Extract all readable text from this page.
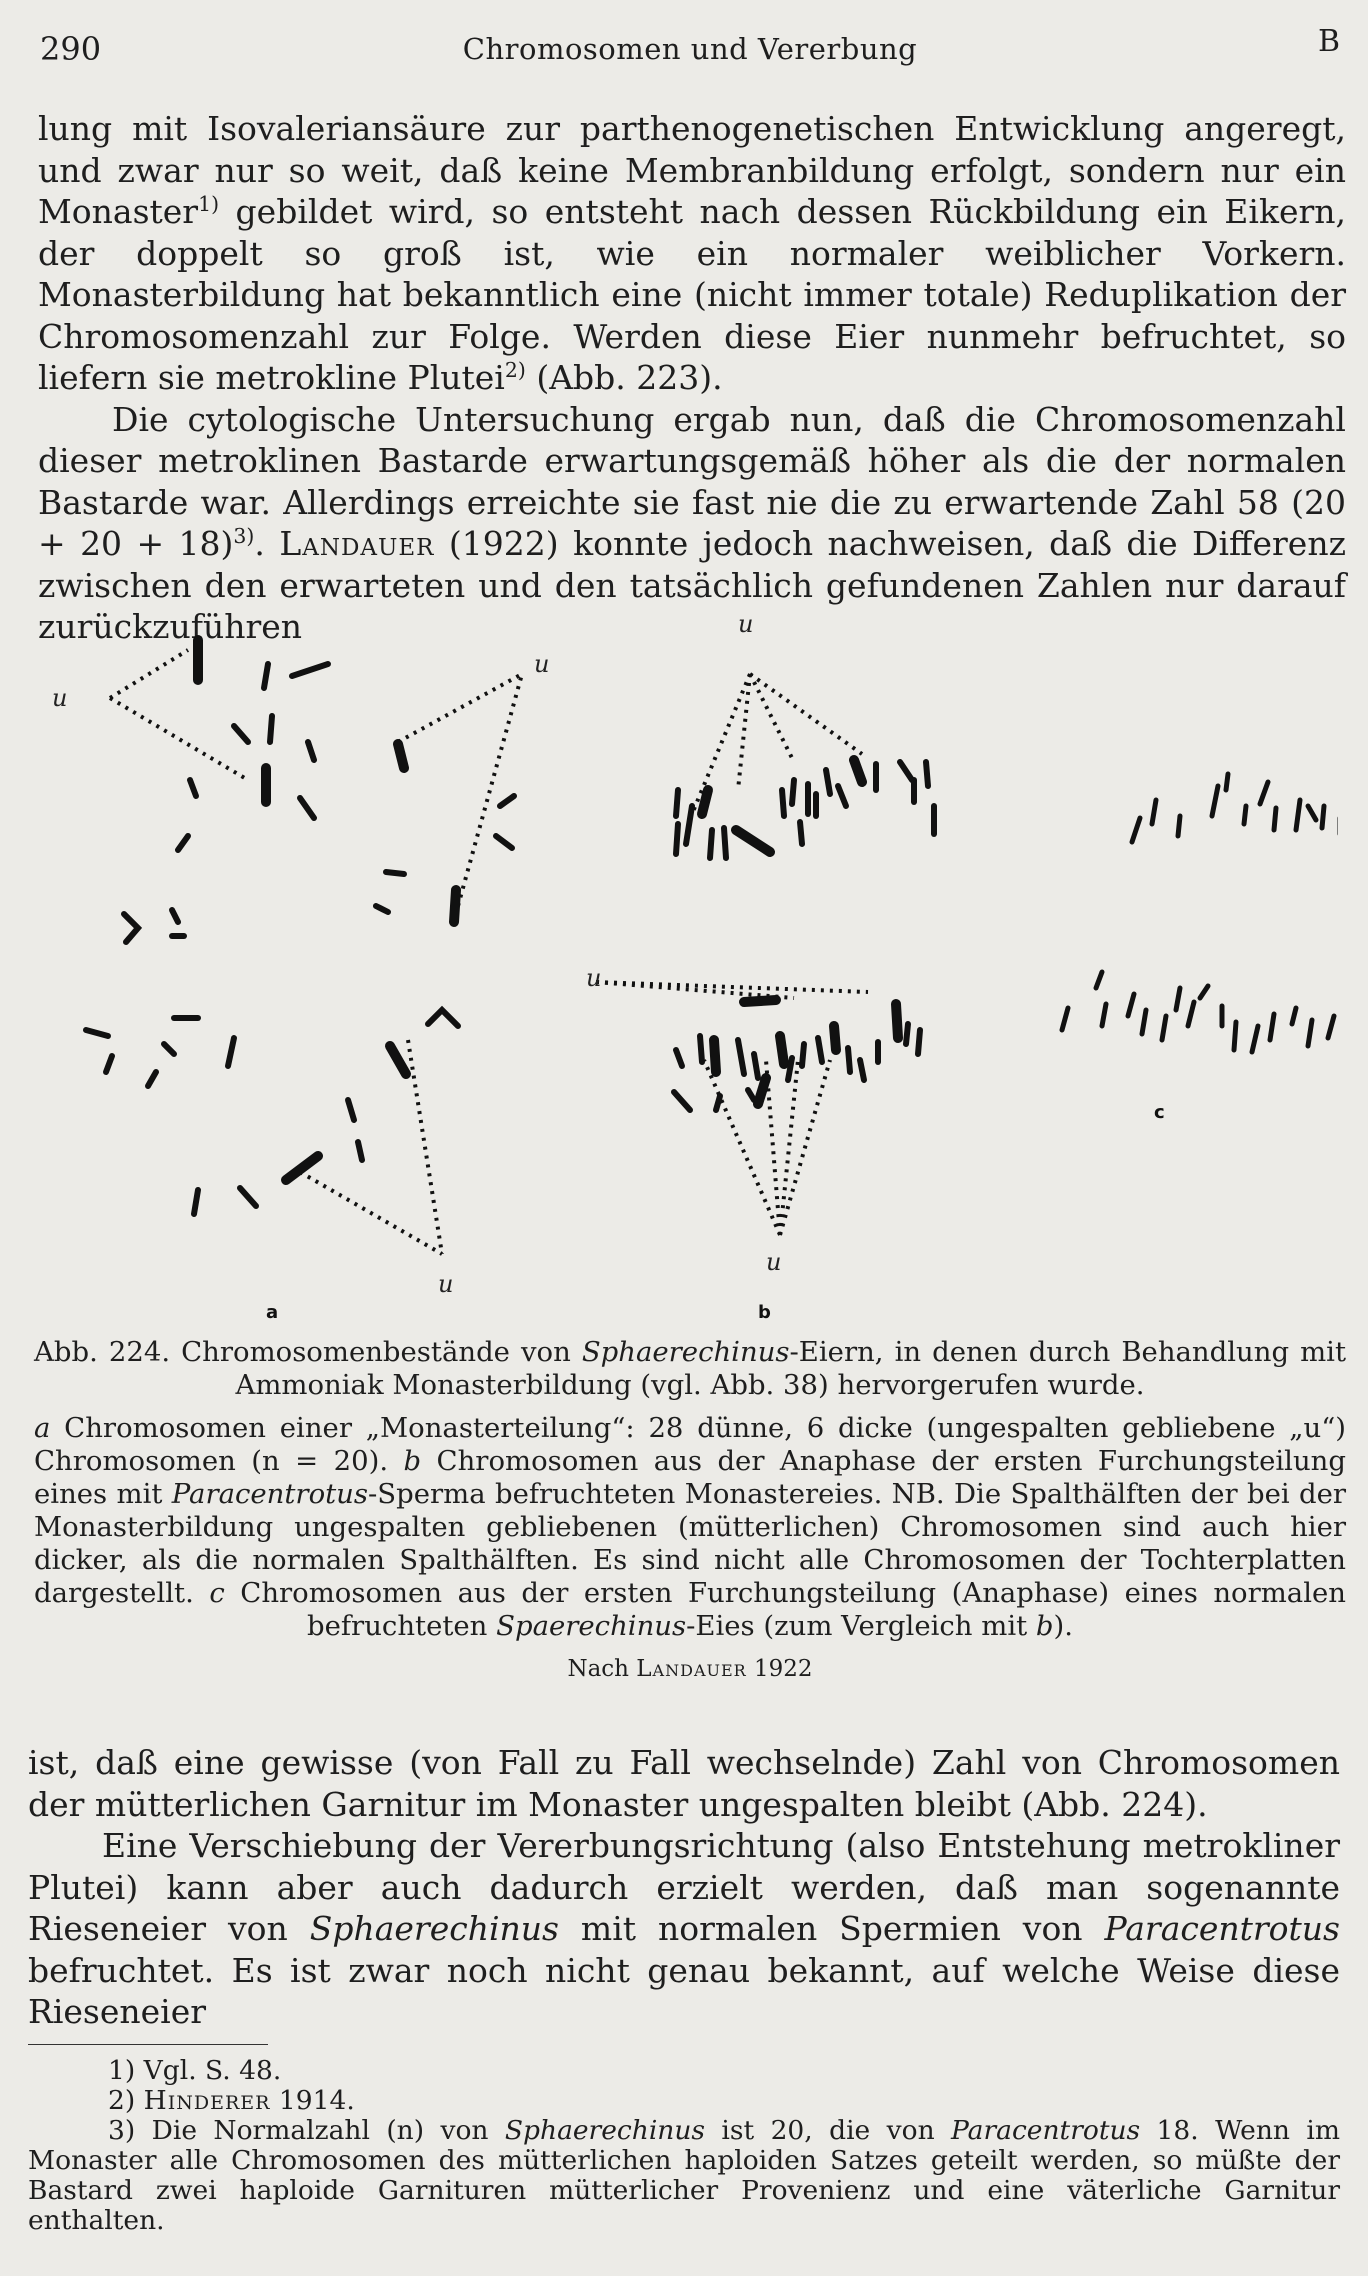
290	Chromosomen und Vererbung	B

lung mit Isovaleriansäure zur parthenogenetischen Entwicklung angeregt, und zwar nur so weit, daß keine Membranbildung erfolgt, sondern nur ein Monaster$^{1)}$ gebildet wird, so entsteht nach dessen Rückbildung ein Eikern, der doppelt so groß ist, wie ein normaler weiblicher Vorkern. Monasterbildung hat bekanntlich eine (nicht immer totale) Reduplikation der Chromosomenzahl zur Folge. Werden diese Eier nunmehr befruchtet, so liefern sie metrokline Plutei$^{2)}$ (Abb. 223).

Die cytologische Untersuchung ergab nun, daß die Chromosomenzahl dieser metroklinen Bastarde erwartungsgemäß höher als die der normalen Bastarde war. Allerdings erreichte sie fast nie die zu erwartende Zahl 58 $(20 + 20 + 18)^{3)}$. Landauer (1922) konnte jedoch nachweisen, daß die Differenz zwischen den erwarteten und den tatsächlich gefundenen Zahlen nur darauf zurückzuführen

u
u
u
u
u
u
a	b
c

Abb. 224. Chromosomenbestände von Sphaerechinus-Eiern, in denen durch Behandlung mit Ammoniak Monasterbildung (vgl. Abb. 38) hervorgerufen wurde.

a Chromosomen einer „Monasterteilung“: 28 dünne, 6 dicke (ungespalten gebliebene „u“) Chromosomen (n = 20). b Chromosomen aus der Anaphase der ersten Furchungsteilung eines mit Paracentrotus-Sperma befruchteten Monastereies. NB. Die Spalthälften der bei der Monasterbildung ungespalten gebliebenen (mütterlichen) Chromosomen sind auch hier dicker, als die normalen Spalthälften. Es sind nicht alle Chromosomen der Tochterplatten dargestellt. c Chromosomen aus der ersten Furchungsteilung (Anaphase) eines normalen befruchteten Spaerechinus-Eies (zum Vergleich mit b).

Nach Landauer 1922

ist, daß eine gewisse (von Fall zu Fall wechselnde) Zahl von Chromosomen der mütterlichen Garnitur im Monaster ungespalten bleibt (Abb. 224).

Eine Verschiebung der Vererbungsrichtung (also Entstehung metrokliner Plutei) kann aber auch dadurch erzielt werden, daß man sogenannte Rieseneier von Sphaerechinus mit normalen Spermien von Paracentrotus befruchtet. Es ist zwar noch nicht genau bekannt, auf welche Weise diese Rieseneier

1) Vgl. S. 48.

2) Hinderer 1914.

3) Die Normalzahl (n) von Sphaerechinus ist 20, die von Paracentrotus 18. Wenn im Monaster alle Chromosomen des mütterlichen haploiden Satzes geteilt werden, so müßte der Bastard zwei haploide Garnituren mütterlicher Provenienz und eine väterliche Garnitur enthalten.
